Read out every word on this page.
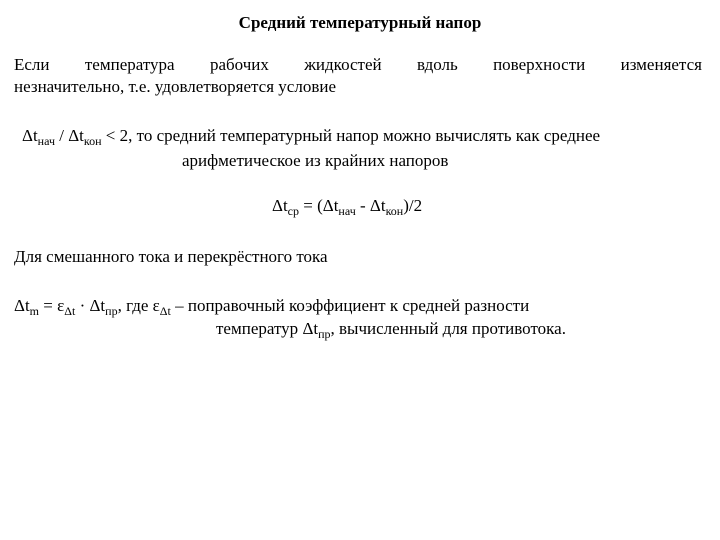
Средний температурный напор
Если температура рабочих жидкостей вдоль поверхности изменяется
незначительно, т.е. удовлетворяется условие
$\Delta t_{нач} / \Delta t_{кон} < 2$, то средний температурный напор можно вычислять как среднее
арифметическое из крайних напоров
$\Delta t_{ср} = (\Delta t_{нач} - \Delta t_{кон})/2$
Для смешанного тока и перекрёстного тока
$\Delta t_m = \varepsilon_{\Delta t} \cdot \Delta t_{пр}$, где $\varepsilon_{\Delta t}$ – поправочный коэффициент к средней разности
температур $\Delta t_{пр}$, вычисленный для противотока.
